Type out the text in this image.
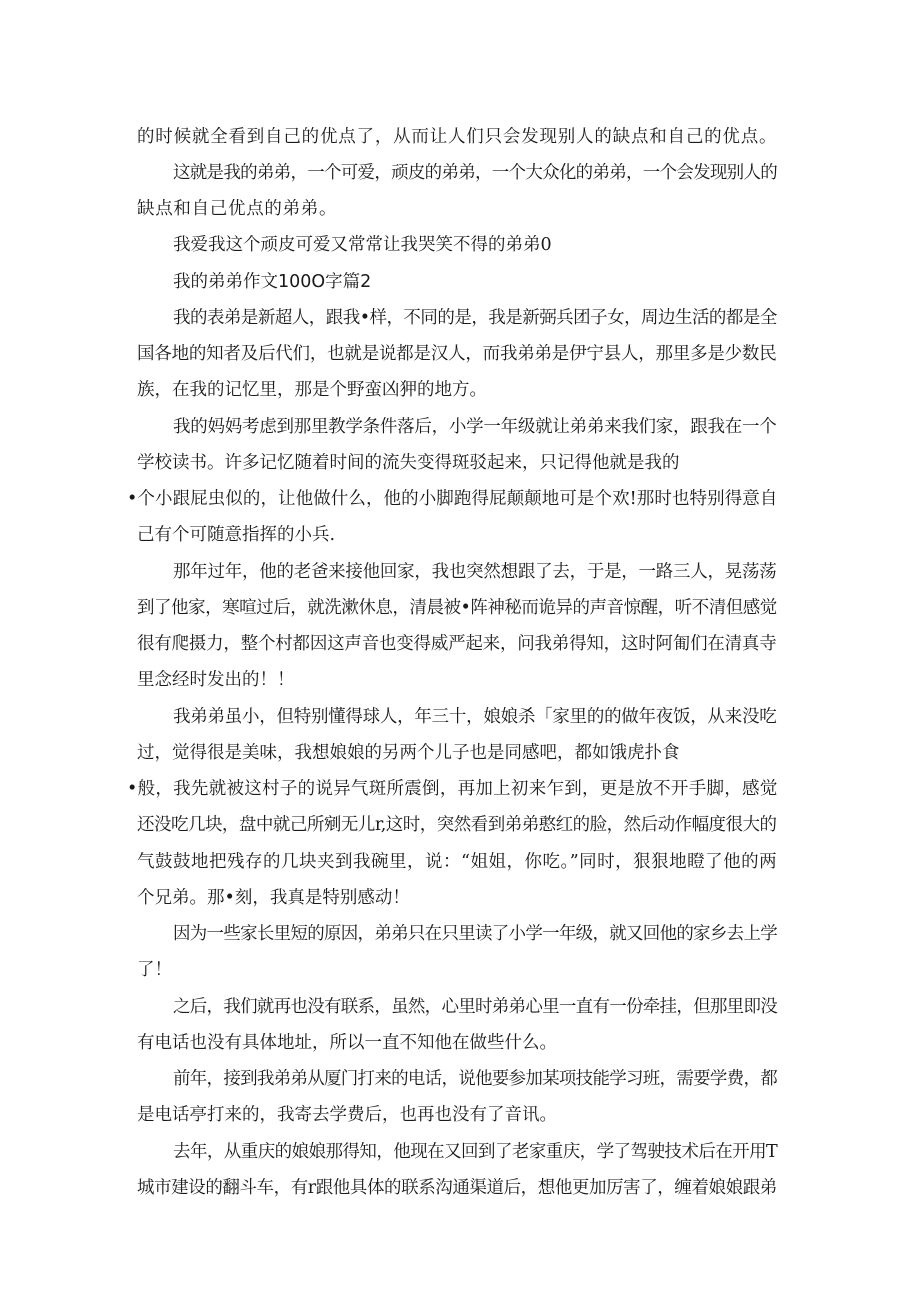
的时候就全看到自己的优点了，从而让人们只会发现别人的缺点和自己的优点。
这就是我的弟弟，一个可爱，顽皮的弟弟，一个大众化的弟弟，一个会发现别人的
缺点和自己优点的弟弟。
我爱我这个顽皮可爱又常常让我哭笑不得的弟弟0
我的弟弟作文100O字篇2
我的表弟是新超人，跟我•样，不同的是，我是新弼兵团子女，周边生活的都是全
国各地的知者及后代们，也就是说都是汉人，而我弟弟是伊宁县人，那里多是少数民
族，在我的记忆里，那是个野蛮凶狎的地方。
我的妈妈考虑到那里教学条件落后，小学一年级就让弟弟来我们家，跟我在一个
学校读书。许多记忆随着时间的流失变得斑驳起来，只记得他就是我的
•个小跟屁虫似的，让他做什么，他的小脚跑得屁颠颠地可是个欢!那时也特别得意自
己有个可随意指挥的小兵.
那年过年，他的老爸来接他回家，我也突然想跟了去，于是，一路三人，晃荡荡
到了他家，寒喧过后，就洗漱休息，清晨被•阵神秘而诡异的声音惊醒，听不清但感觉
很有爬摄力，整个村都因这声音也变得威严起来，问我弟得知，这时阿匍们在清真寺
里念经时发出的！！
我弟弟虽小，但特别懂得球人，年三十，娘娘杀「家里的的做年夜饭，从来没吃
过，觉得很是美味，我想娘娘的另两个儿子也是同感吧，都如饿虎扑食
•般，我先就被这村子的说异气斑所震倒，再加上初来乍到，更是放不开手脚，感觉
还没吃几块，盘中就己所剜无儿r,这时，突然看到弟弟憨红的脸，然后动作幅度很大的
气鼓鼓地把残存的几块夹到我碗里，说：“姐姐，你吃。”同时，狠狠地瞪了他的两
个兄弟。那•刻，我真是特别感动！
因为一些家长里短的原因，弟弟只在只里读了小学一年级，就又回他的家乡去上学
了！
之后，我们就再也没有联系，虽然，心里时弟弟心里一直有一份牵挂，但那里即没
有电话也没有具体地址，所以一直不知他在做些什么。
前年，接到我弟弟从厦门打来的电话，说他要参加某项技能学习班，需要学费，都
是电话亭打来的，我寄去学费后，也再也没有了音讯。
去年，从重庆的娘娘那得知，他现在又回到了老家重庆，学了驾驶技术后在开用T
城市建设的翻斗车，有r跟他具体的联系沟通渠道后，想他更加厉害了，缠着娘娘跟弟
